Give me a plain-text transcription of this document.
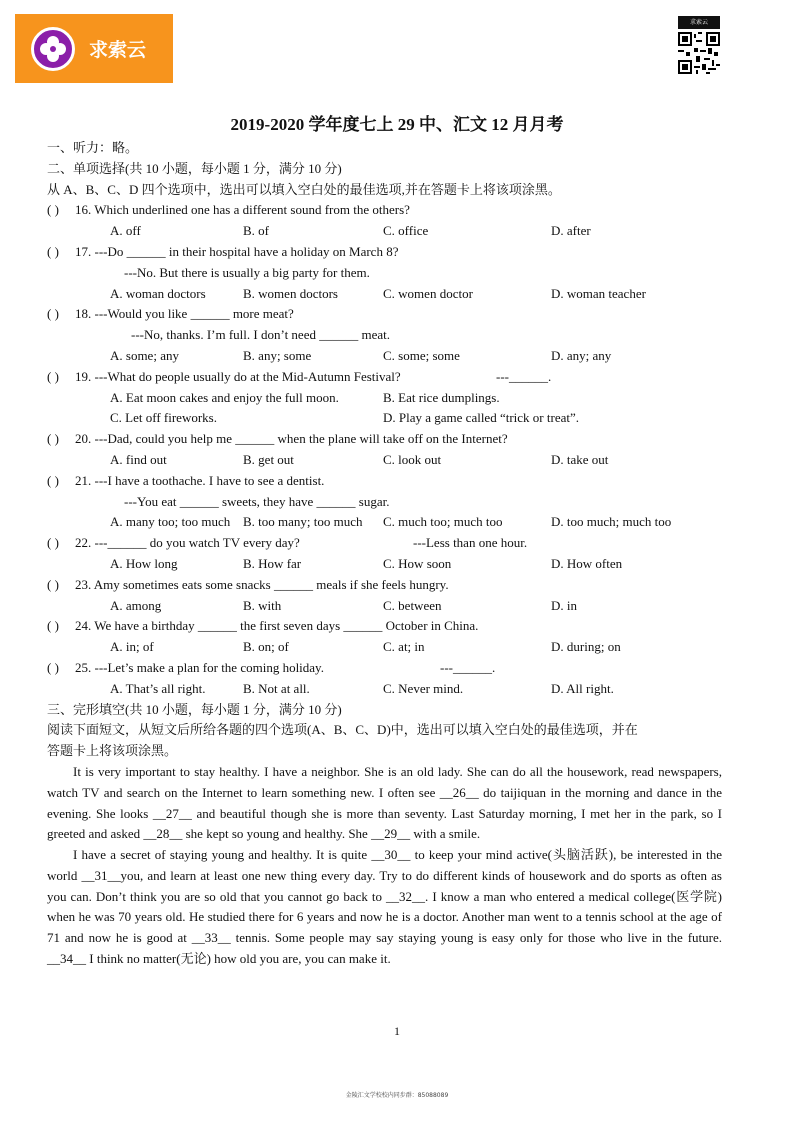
求索云
求索云
2019-2020 学年度七上 29 中、汇文 12 月月考
一、听力：略。
二、单项选择(共 10 小题，每小题 1 分，满分 10 分)
从 A、B、C、D 四个选项中，选出可以填入空白处的最佳选项,并在答题卡上将该项涂黑。
( ) 16. Which underlined one has a different sound from the others?
A. off	B. of	C. office	D. after
( ) 17. ---Do ______ in their hospital have a holiday on March 8?
---No. But there is usually a big party for them.
A. woman doctors	B. women doctors	C. women doctor	D. woman teacher
( ) 18. ---Would you like ______ more meat?
---No, thanks. I’m full. I don’t need ______ meat.
A. some; any	B. any; some	C. some; some	D. any; any
( ) 19. ---What do people usually do at the Mid-Autumn Festival?	---______.
A. Eat moon cakes and enjoy the full moon.	B. Eat rice dumplings.
C. Let off fireworks.	D. Play a game called “trick or treat”.
( ) 20. ---Dad, could you help me ______ when the plane will take off on the Internet?
A. find out	B. get out	C. look out	D. take out
( ) 21. ---I have a toothache. I have to see a dentist.
---You eat ______ sweets, they have ______ sugar.
A. many too; too much B. too many; too much C. much too; much too	D. too much; much too
( ) 22. ---______ do you watch TV every day?	---Less than one hour.
A. How long	B. How far	C. How soon	D. How often
( ) 23. Amy sometimes eats some snacks ______ meals if she feels hungry.
A. among	B. with	C. between	D. in
( ) 24. We have a birthday ______ the first seven days ______ October in China.
A. in; of	B. on; of	C. at; in	D. during; on
( ) 25. ---Let’s make a plan for the coming holiday.	---______.
A. That’s all right.	B. Not at all.	C. Never mind.	D. All right.
三、完形填空(共 10 小题，每小题 1 分，满分 10 分)
阅读下面短文，从短文后所给各题的四个选项(A、B、C、D)中，选出可以填入空白处的最佳选项，并在
答题卡上将该项涂黑。

It is very important to stay healthy. I have a neighbor. She is an old lady. She can do all the housework, read newspapers, watch TV and search on the Internet to learn something new. I often see __26__ do taijiquan in the morning and dance in the evening. She looks __27__ and beautiful though she is more than seventy. Last Saturday morning, I met her in the park, so I greeted and asked __28__ she kept so young and healthy. She __29__ with a smile.

I have a secret of staying young and healthy. It is quite __30__ to keep your mind active(头脑活跃), be interested in the world __31__you, and learn at least one new thing every day. Try to do different kinds of housework and do sports as often as you can. Don’t think you are so old that you cannot go back to __32__. I know a man who entered a medical college(医学院) when he was 70 years old. He studied there for 6 years and now he is a doctor. Another man went to a tennis school at the age of 71 and now he is good at __33__ tennis. Some people may say staying young is easy only for those who live in the future. __34__ I think no matter(无论) how old you are, you can make it.

1
金陵汇文学校校内同步群：85088089
